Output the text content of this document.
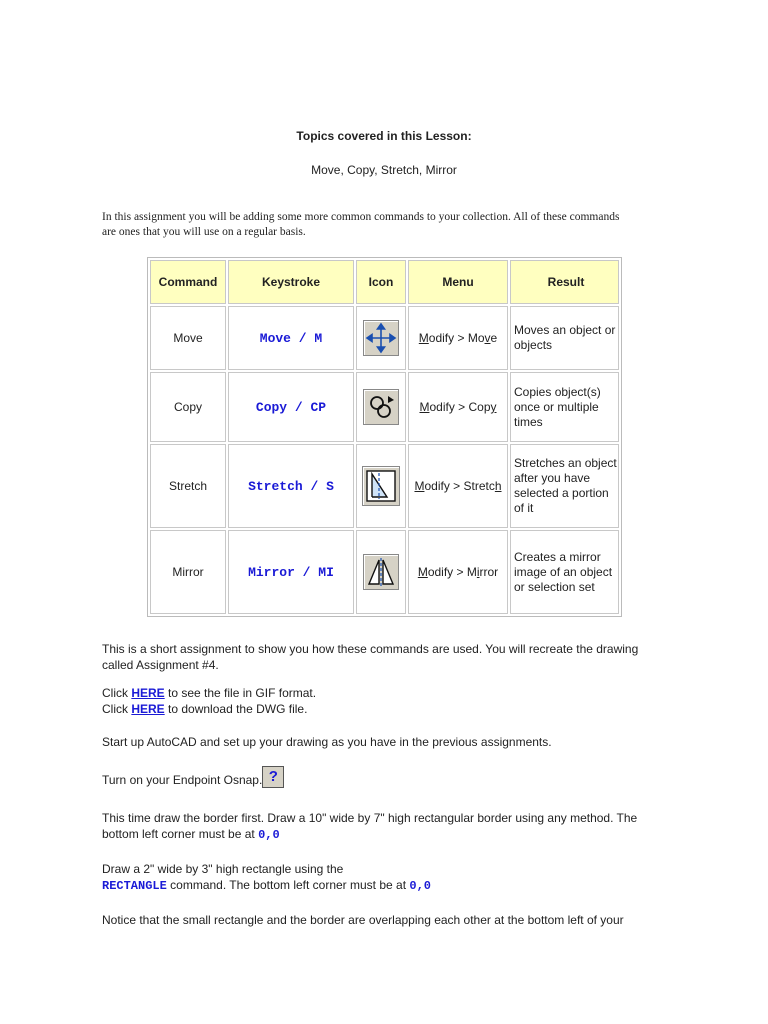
Topics covered in this Lesson:
Move, Copy, Stretch, Mirror
In this assignment you will be adding some more common commands to your collection. All of these commands are ones that you will use on a regular basis.
Command	Keystroke	Icon	Menu	Result
Move	Move / M		Modify > Move	Moves an object or objects
Copy	Copy / CP		Modify > Copy	Copies object(s) once or multiple times
Stretch	Stretch / S		Modify > Stretch	Stretches an object after you have selected a portion of it
Mirror	Mirror / MI		Modify > Mirror	Creates a mirror image of an object or selection set
This is a short assignment to show you how these commands are used. You will recreate the drawing called Assignment #4.
Click HERE to see the file in GIF format.
Click HERE to download the DWG file.
Start up AutoCAD and set up your drawing as you have in the previous assignments.
Turn on your Endpoint Osnap. ?
This time draw the border first. Draw a 10" wide by 7" high rectangular border using any method. The bottom left corner must be at 0,0
Draw a 2" wide by 3" high rectangle using the
RECTANGLE command. The bottom left corner must be at 0,0
Notice that the small rectangle and the border are overlapping each other at the bottom left of your
